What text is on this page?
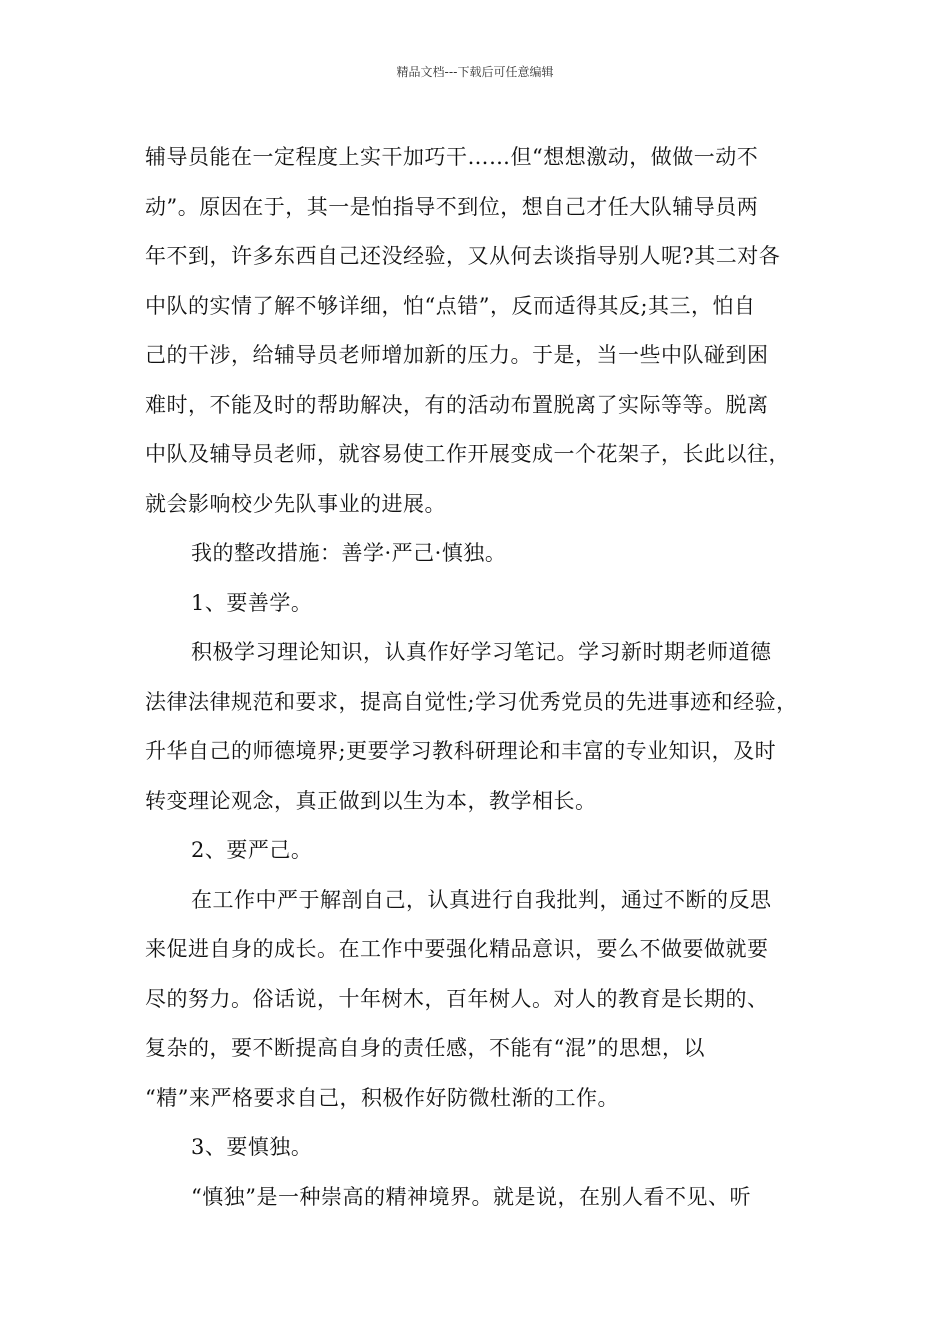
精品文档---下载后可任意编辑
辅导员能在一定程度上实干加巧干……但“想想激动，做做一动不
动”。原因在于，其一是怕指导不到位，想自己才任大队辅导员两
年不到，许多东西自己还没经验，又从何去谈指导别人呢?其二对各
中队的实情了解不够详细，怕“点错”，反而适得其反;其三，怕自
己的干涉，给辅导员老师增加新的压力。于是，当一些中队碰到困
难时，不能及时的帮助解决，有的活动布置脱离了实际等等。脱离
中队及辅导员老师，就容易使工作开展变成一个花架子，长此以往，
就会影响校少先队事业的进展。
我的整改措施：善学·严己·慎独。
1、要善学。
积极学习理论知识，认真作好学习笔记。学习新时期老师道德
法律法律规范和要求，提高自觉性;学习优秀党员的先进事迹和经验，
升华自己的师德境界;更要学习教科研理论和丰富的专业知识，及时
转变理论观念，真正做到以生为本，教学相长。
2、要严己。
在工作中严于解剖自己，认真进行自我批判，通过不断的反思
来促进自身的成长。在工作中要强化精品意识，要么不做要做就要
尽的努力。俗话说，十年树木，百年树人。对人的教育是长期的、
复杂的，要不断提高自身的责任感，不能有“混”的思想，以
“精”来严格要求自己，积极作好防微杜渐的工作。
3、要慎独。
“慎独”是一种崇高的精神境界。就是说，在别人看不见、听
